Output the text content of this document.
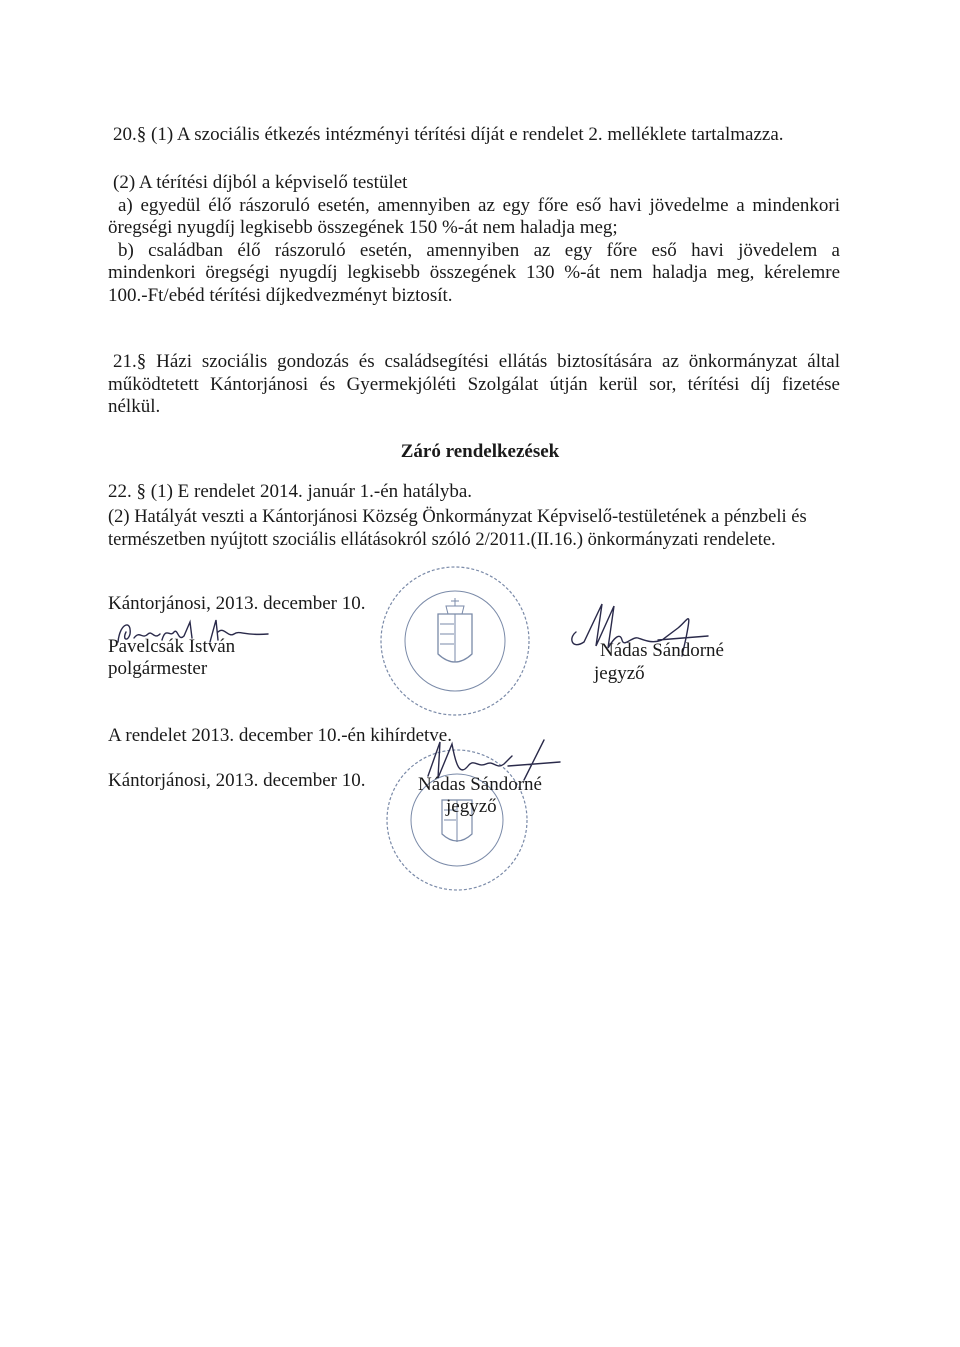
20.§ (1) A szociális étkezés intézményi térítési díját e rendelet 2. melléklete tartalmazza.
(2) A térítési díjból a képviselő testület
a) egyedül élő rászoruló esetén, amennyiben az egy főre eső havi jövedelme a mindenkori
öregségi nyugdíj legkisebb összegének 150 %-át nem haladja meg;
b) családban élő rászoruló esetén, amennyiben az egy főre eső havi jövedelem a
mindenkori öregségi nyugdíj legkisebb összegének 130 %-át nem haladja meg, kérelemre
100.-Ft/ebéd térítési díjkedvezményt biztosít.
21.§ Házi szociális gondozás és családsegítési ellátás biztosítására az önkormányzat által
működtetett Kántorjánosi és Gyermekjóléti Szolgálat útján kerül sor, térítési díj fizetése
nélkül.
Záró rendelkezések
22. § (1) E rendelet 2014. január 1.-én hatályba.
(2) Hatályát veszti a Kántorjánosi Község Önkormányzat Képviselő-testületének a pénzbeli és
természetben nyújtott szociális ellátásokról szóló 2/2011.(II.16.) önkormányzati rendelete.
Kántorjánosi, 2013. december 10.
Pavelcsák István
polgármester
Nádas Sándorné
jegyző
A rendelet 2013. december 10.-én kihírdetve.
Kántorjánosi, 2013. december 10.	Nádas Sándorné
jegyző
